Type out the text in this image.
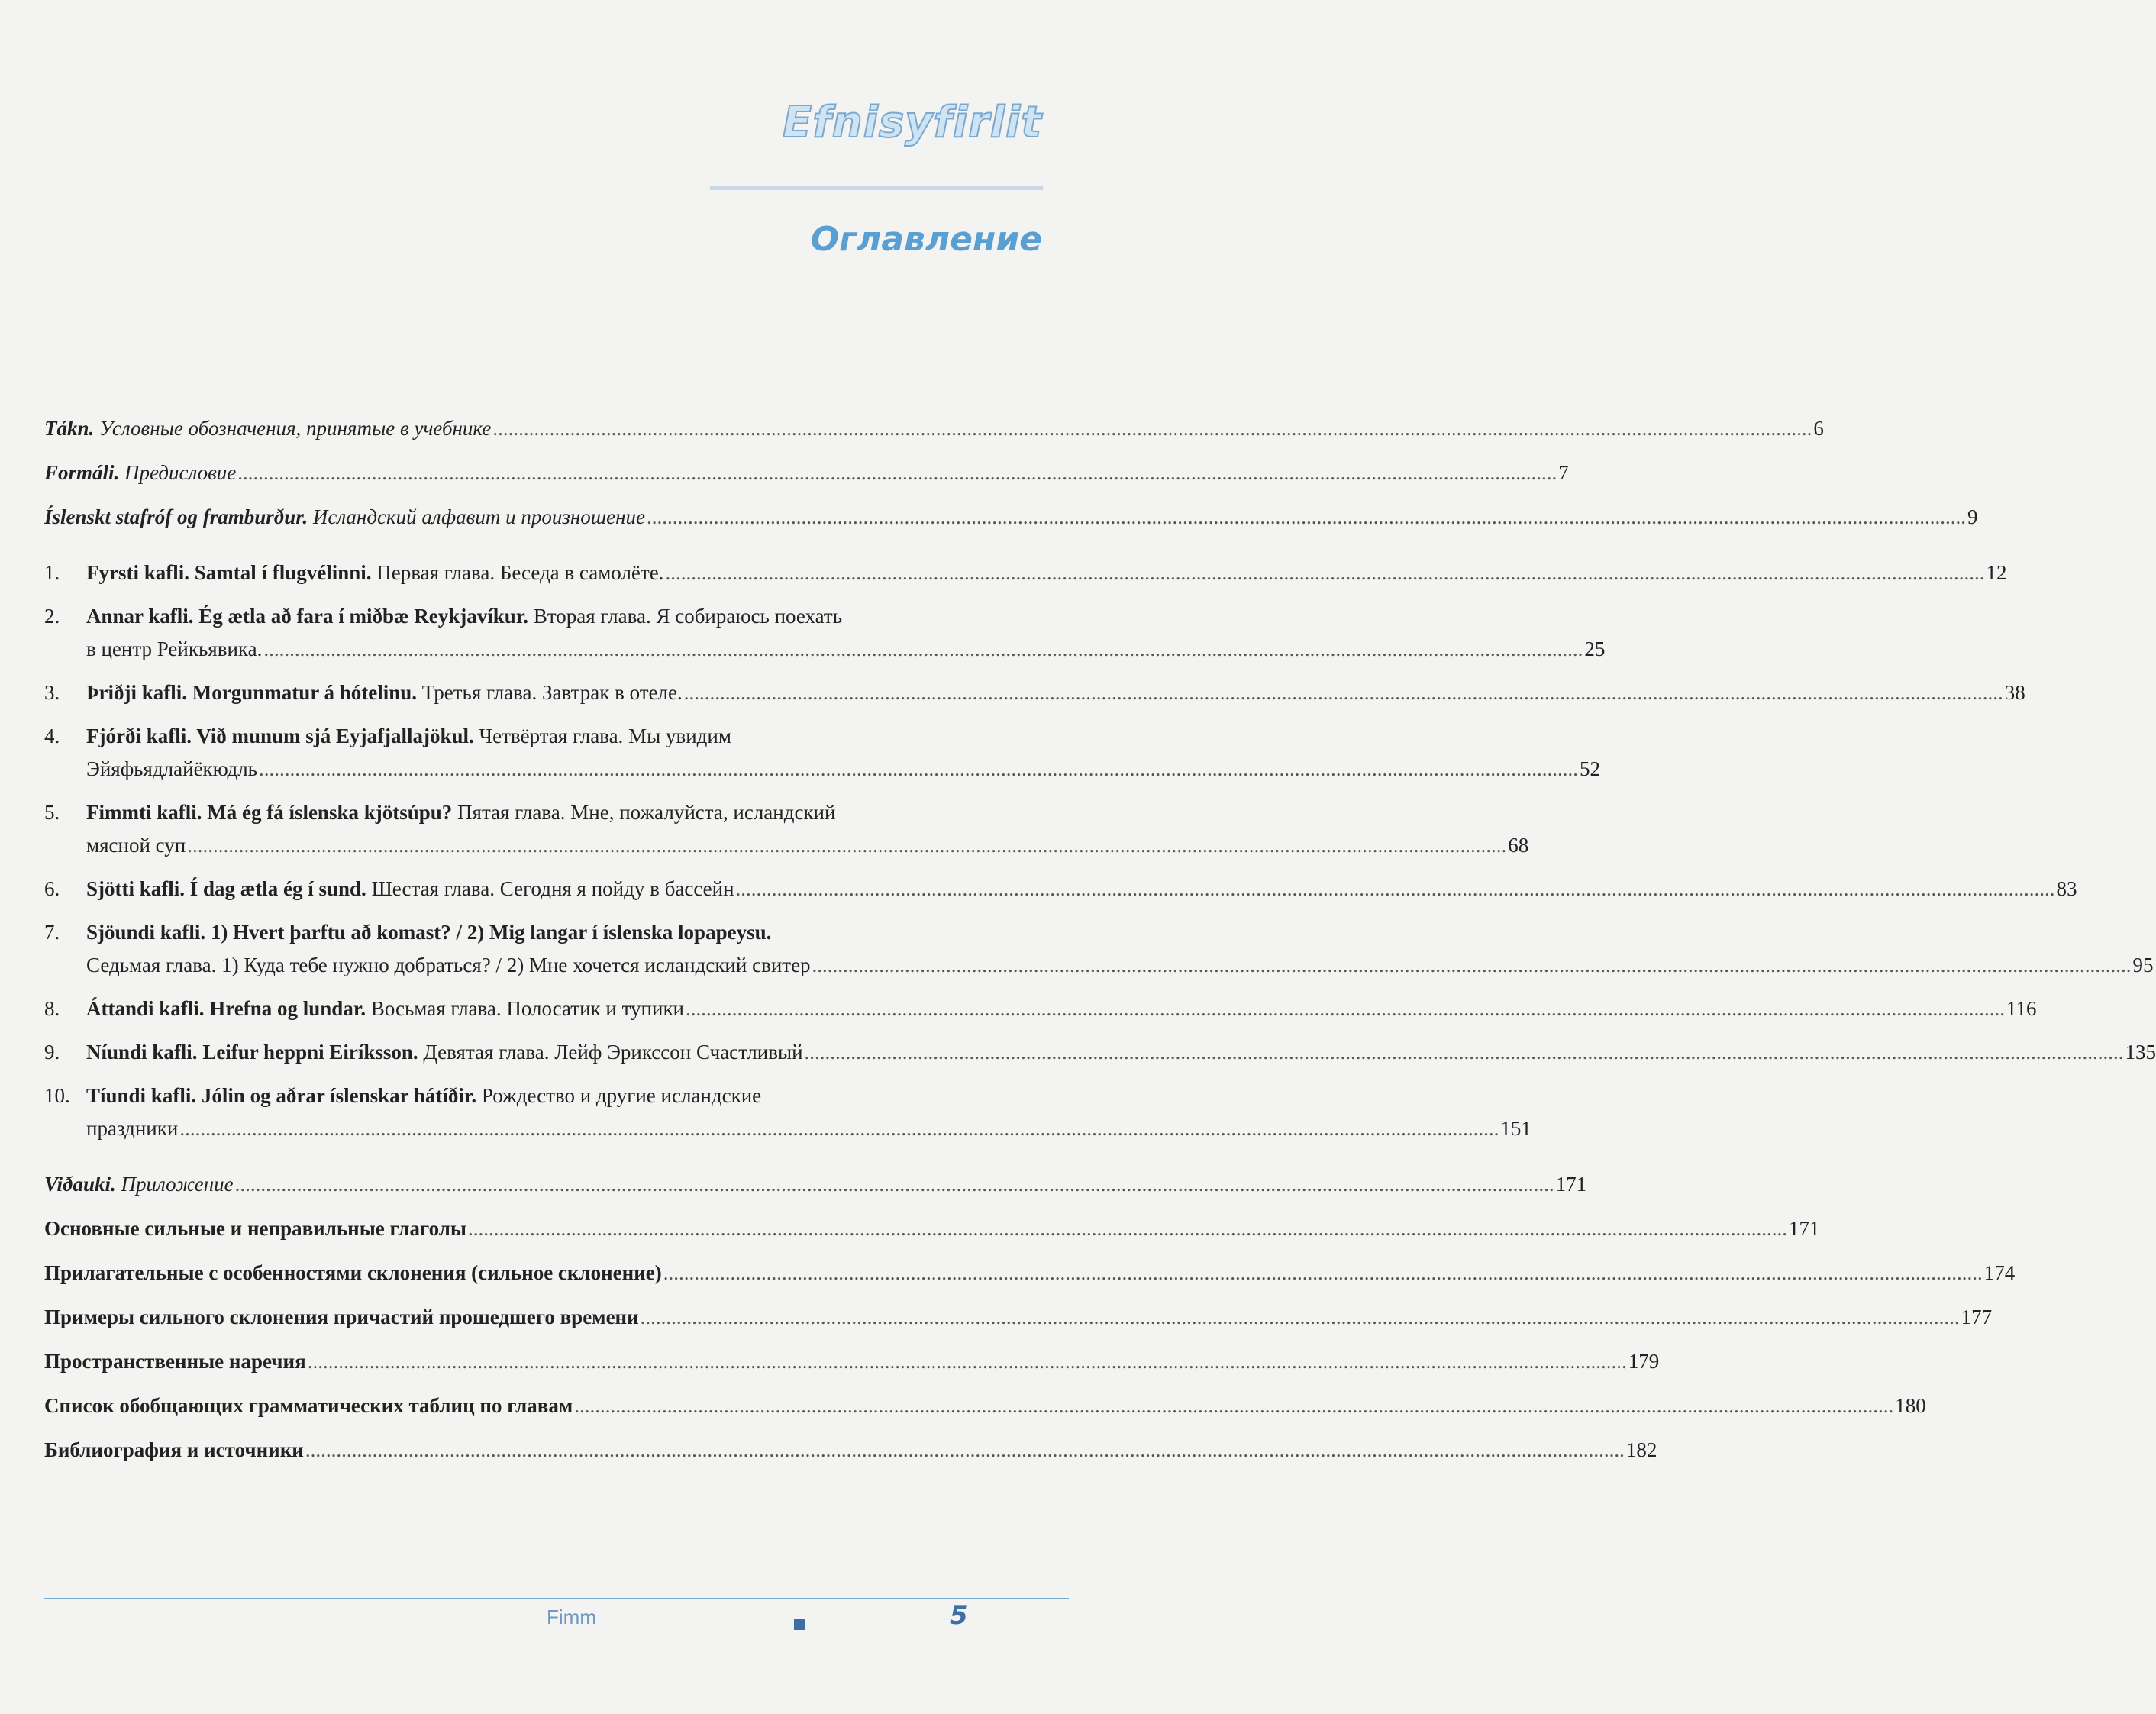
Efnisyfirlit
Оглавление
Tákn. Условные обозначения, принятые в учебнике .....	6
Formáli. Предисловие .....	7
Íslenskt stafróf og framburður. Исландский алфавит и произношение .....	9
1.	Fyrsti kafli. Samtal í flugvélinni. Первая глава. Беседа в самолёте. .....	12
2.	Annar kafli. Ég ætla að fara í miðbæ Reykjavíkur. Вторая глава. Я собираюсь поехать
в центр Рейкьявика. .....	25
3.	Þriðji kafli. Morgunmatur á hótelinu. Третья глава. Завтрак в отеле. .....	38
4.	Fjórði kafli. Við munum sjá Eyjafjallajökul. Четвёртая глава. Мы увидим
Эйяфьядлайёкюдль .....	52
5.	Fimmti kafli. Má ég fá íslenska kjötsúpu? Пятая глава. Мне, пожалуйста, исландский
мясной суп .....	68
6.	Sjötti kafli. Í dag ætla ég í sund. Шестая глава. Сегодня я пойду в бассейн .....	83
7.	Sjöundi kafli. 1) Hvert þarftu að komast? / 2) Mig langar í íslenska lopapeysu.
Седьмая глава. 1) Куда тебе нужно добраться? / 2) Мне хочется исландский свитер .....	95
8.	Áttandi kafli. Hrefna og lundar. Восьмая глава. Полосатик и тупики .....	116
9.	Níundi kafli. Leifur heppni Eiríksson. Девятая глава. Лейф Эрикссон Счастливый .....	135
10. Tíundi kafli. Jólin og aðrar íslenskar hátíðir. Рождество и другие исландские
праздники .....	151
Viðauki. Приложение .....	171
Основные сильные и неправильные глаголы .....	171
Прилагательные с особенностями склонения (сильное склонение) .....	174
Примеры сильного склонения причастий прошедшего времени .....	177
Пространственные наречия .....	179
Список обобщающих грамматических таблиц по главам .....	180
Библиография и источники .....	182
Fimm	5
